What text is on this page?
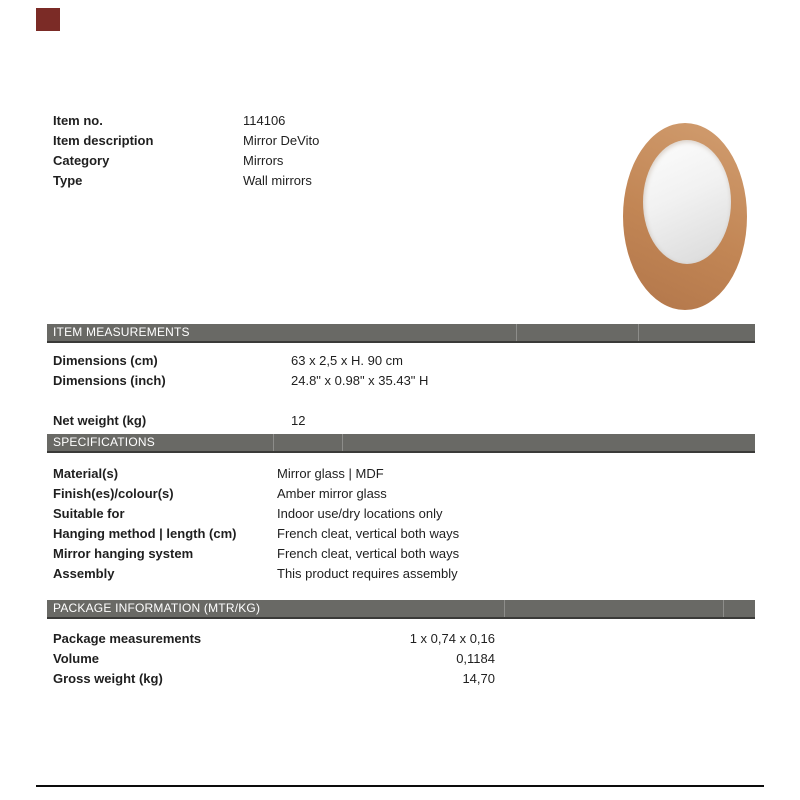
Item no.	114106
Item description	Mirror DeVito
Category	Mirrors
Type	Wall mirrors
ITEM MEASUREMENTS
Dimensions (cm)	63 x 2,5 x H. 90 cm
Dimensions (inch)	24.8" x 0.98" x 35.43" H
Net weight (kg)	12
SPECIFICATIONS
Material(s)	Mirror glass | MDF
Finish(es)/colour(s)	Amber mirror glass
Suitable for	Indoor use/dry locations only
Hanging method | length (cm)	French cleat, vertical both ways
Mirror hanging system	French cleat, vertical both ways
Assembly	This product requires assembly
PACKAGE INFORMATION (MTR/KG)
Package measurements	1 x 0,74 x 0,16
Volume	0,1184
Gross weight (kg)	14,70
